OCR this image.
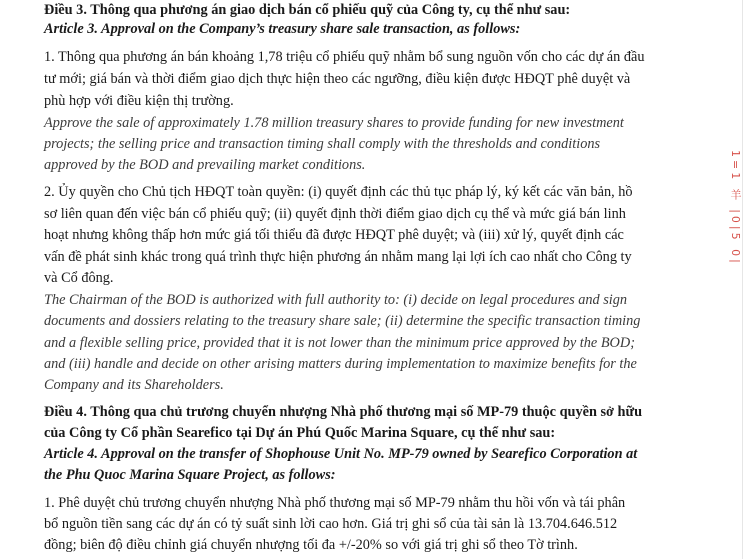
Điều 3. Thông qua phương án giao dịch bán cổ phiếu quỹ của Công ty, cụ thể như sau:
Article 3. Approval on the Company’s treasury share sale transaction, as follows:
1. Thông qua phương án bán khoảng 1,78 triệu cổ phiếu quỹ nhằm bổ sung nguồn vốn cho các dự án đầu
tư mới; giá bán và thời điểm giao dịch thực hiện theo các ngưỡng, điều kiện được HĐQT phê duyệt và
phù hợp với điều kiện thị trường.
Approve the sale of approximately 1.78 million treasury shares to provide funding for new investment
projects; the selling price and transaction timing shall comply with the thresholds and conditions
approved by the BOD and prevailing market conditions.
2. Ủy quyền cho Chủ tịch HĐQT toàn quyền: (i) quyết định các thủ tục pháp lý, ký kết các văn bản, hồ
sơ liên quan đến việc bán cổ phiếu quỹ; (ii) quyết định thời điểm giao dịch cụ thể và mức giá bán linh
hoạt nhưng không thấp hơn mức giá tối thiểu đã được HĐQT phê duyệt; và (iii) xử lý, quyết định các
vấn đề phát sinh khác trong quá trình thực hiện phương án nhằm mang lại lợi ích cao nhất cho Công ty
và Cổ đông.
The Chairman of the BOD is authorized with full authority to: (i) decide on legal procedures and sign
documents and dossiers relating to the treasury share sale; (ii) determine the specific transaction timing
and a flexible selling price, provided that it is not lower than the minimum price approved by the BOD;
and (iii) handle and decide on other arising matters during implementation to maximize benefits for the
Company and its Shareholders.
Điều 4. Thông qua chủ trương chuyển nhượng Nhà phố thương mại số MP-79 thuộc quyền sở hữu
của Công ty Cổ phần Searefico tại Dự án Phú Quốc Marina Square, cụ thể như sau:
Article 4. Approval on the transfer of Shophouse Unit No. MP-79 owned by Searefico Corporation at
the Phu Quoc Marina Square Project, as follows:
1. Phê duyệt chủ trương chuyển nhượng Nhà phố thương mại số MP-79 nhằm thu hồi vốn và tái phân
bổ nguồn tiền sang các dự án có tỷ suất sinh lời cao hơn. Giá trị ghi sổ của tài sản là 13.704.646.512
đồng; biên độ điều chỉnh giá chuyển nhượng tối đa +/-20% so với giá trị ghi sổ theo Tờ trình.
1=1 羊 |0|5 0|
